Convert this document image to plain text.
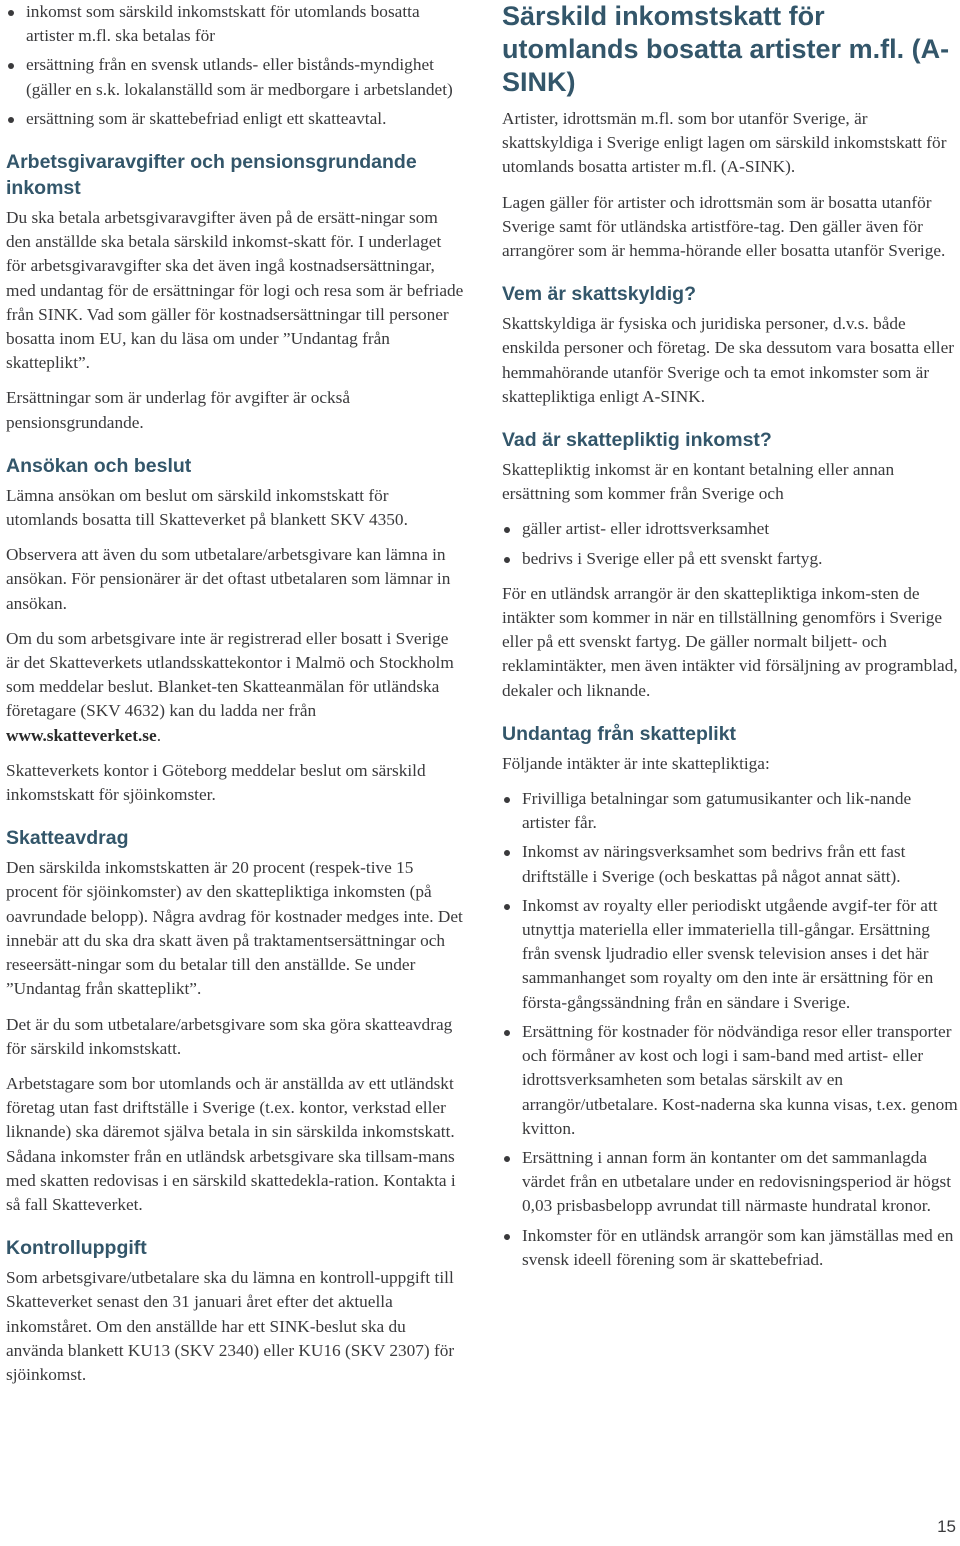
inkomst som särskild inkomstskatt för utomlands bosatta artister m.fl. ska betalas för
ersättning från en svensk utlands- eller bistånds-myndighet (gäller en s.k. lokalanställd som är medborgare i arbetslandet)
ersättning som är skattebefriad enligt ett skatteavtal.
Arbetsgivaravgifter och pensionsgrundande inkomst

Du ska betala arbetsgivaravgifter även på de ersätt-ningar som den anställde ska betala särskild inkomst-skatt för. I underlaget för arbetsgivaravgifter ska det även ingå kostnadsersättningar, med undantag för de ersättningar för logi och resa som är befriade från SINK. Vad som gäller för kostnadsersättningar till personer bosatta inom EU, kan du läsa om under ”Undantag från skatteplikt”.

Ersättningar som är underlag för avgifter är också pensionsgrundande.

Ansökan och beslut

Lämna ansökan om beslut om särskild inkomstskatt för utomlands bosatta till Skatteverket på blankett SKV 4350.

Observera att även du som utbetalare/arbetsgivare kan lämna in ansökan. För pensionärer är det oftast utbetalaren som lämnar in ansökan.

Om du som arbetsgivare inte är registrerad eller bosatt i Sverige är det Skatteverkets utlandsskattekontor i Malmö och Stockholm som meddelar beslut. Blanket-ten Skatteanmälan för utländska företagare (SKV 4632) kan du ladda ner från www.skatteverket.se.

Skatteverkets kontor i Göteborg meddelar beslut om särskild inkomstskatt för sjöinkomster.

Skatteavdrag

Den särskilda inkomstskatten är 20 procent (respek-tive 15 procent för sjöinkomster) av den skattepliktiga inkomsten (på oavrundade belopp). Några avdrag för kostnader medges inte. Det innebär att du ska dra skatt även på traktamentsersättningar och reseersätt-ningar som du betalar till den anställde. Se under ”Undantag från skatteplikt”.

Det är du som utbetalare/arbetsgivare som ska göra skatteavdrag för särskild inkomstskatt.

Arbetstagare som bor utomlands och är anställda av ett utländskt företag utan fast driftställe i Sverige (t.ex. kontor, verkstad eller liknande) ska däremot själva betala in sin särskilda inkomstskatt. Sådana inkomster från en utländsk arbetsgivare ska tillsam-mans med skatten redovisas i en särskild skattedekla-ration. Kontakta i så fall Skatteverket.

Kontrolluppgift

Som arbetsgivare/utbetalare ska du lämna en kontroll-uppgift till Skatteverket senast den 31 januari året efter det aktuella inkomståret. Om den anställde har ett SINK-beslut ska du använda blankett KU13 (SKV 2340) eller KU16 (SKV 2307) för sjöinkomst.

Särskild inkomstskatt för utomlands bosatta artister m.fl. (A-SINK)

Artister, idrottsmän m.fl. som bor utanför Sverige, är skattskyldiga i Sverige enligt lagen om särskild inkomstskatt för utomlands bosatta artister m.fl. (A-SINK).

Lagen gäller för artister och idrottsmän som är bosatta utanför Sverige samt för utländska artistföre-tag. Den gäller även för arrangörer som är hemma-hörande eller bosatta utanför Sverige.

Vem är skattskyldig?

Skattskyldiga är fysiska och juridiska personer, d.v.s. både enskilda personer och företag. De ska dessutom vara bosatta eller hemmahörande utanför Sverige och ta emot inkomster som är skattepliktiga enligt A-SINK.

Vad är skattepliktig inkomst?

Skattepliktig inkomst är en kontant betalning eller annan ersättning som kommer från Sverige och

gäller artist- eller idrottsverksamhet
bedrivs i Sverige eller på ett svenskt fartyg.

För en utländsk arrangör är den skattepliktiga inkom-sten de intäkter som kommer in när en tillställning genomförs i Sverige eller på ett svenskt fartyg. De gäller normalt biljett- och reklamintäkter, men även intäkter vid försäljning av programblad, dekaler och liknande.

Undantag från skatteplikt

Följande intäkter är inte skattepliktiga:

Frivilliga betalningar som gatumusikanter och lik-nande artister får.
Inkomst av näringsverksamhet som bedrivs från ett fast driftställe i Sverige (och beskattas på något annat sätt).
Inkomst av royalty eller periodiskt utgående avgif-ter för att utnyttja materiella eller immateriella till-gångar. Ersättning från svensk ljudradio eller svensk television anses i det här sammanhanget som royalty om den inte är ersättning för en första-gångssändning från en sändare i Sverige.
Ersättning för kostnader för nödvändiga resor eller transporter och förmåner av kost och logi i sam-band med artist- eller idrottsverksamheten som betalas särskilt av en arrangör/utbetalare. Kost-naderna ska kunna visas, t.ex. genom kvitton.
Ersättning i annan form än kontanter om det sammanlagda värdet från en utbetalare under en redovisningsperiod är högst 0,03 prisbasbelopp avrundat till närmaste hundratal kronor.
Inkomster för en utländsk arrangör som kan jämställas med en svensk ideell förening som är skattebefriad.
15
